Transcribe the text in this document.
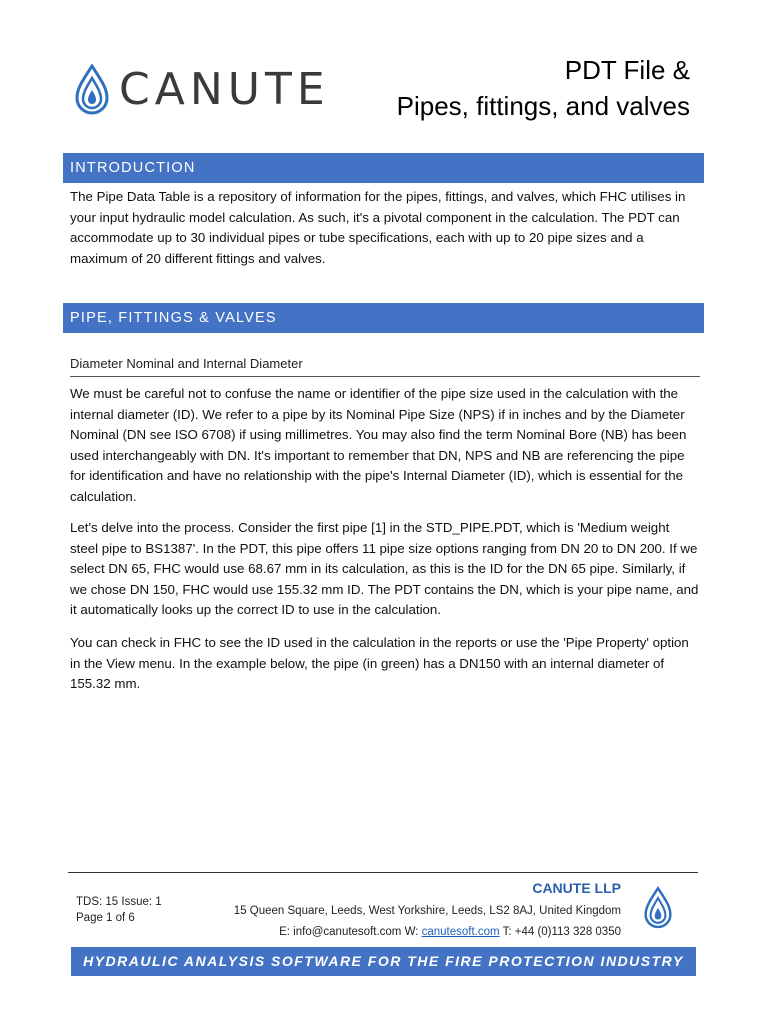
CANUTE	PDT File &
Pipes, fittings, and valves
INTRODUCTION
The Pipe Data Table is a repository of information for the pipes, fittings, and valves, which FHC utilises in your input hydraulic model calculation. As such, it's a pivotal component in the calculation. The PDT can accommodate up to 30 individual pipes or tube specifications, each with up to 20 pipe sizes and a maximum of 20 different fittings and valves.
PIPE, FITTINGS & VALVES
Diameter Nominal and Internal Diameter
We must be careful not to confuse the name or identifier of the pipe size used in the calculation with the internal diameter (ID). We refer to a pipe by its Nominal Pipe Size (NPS) if in inches and by the Diameter Nominal (DN see ISO 6708) if using millimetres. You may also find the term Nominal Bore (NB) has been used interchangeably with DN. It's important to remember that DN, NPS and NB are referencing the pipe for identification and have no relationship with the pipe's Internal Diameter (ID), which is essential for the calculation.
Let's delve into the process. Consider the first pipe [1] in the STD_PIPE.PDT, which is 'Medium weight steel pipe to BS1387'. In the PDT, this pipe offers 11 pipe size options ranging from DN 20 to DN 200. If we select DN 65, FHC would use 68.67 mm in its calculation, as this is the ID for the DN 65 pipe. Similarly, if we chose DN 150, FHC would use 155.32 mm ID. The PDT contains the DN, which is your pipe name, and it automatically looks up the correct ID to use in the calculation.
You can check in FHC to see the ID used in the calculation in the reports or use the 'Pipe Property' option in the View menu. In the example below, the pipe (in green) has a DN150 with an internal diameter of 155.32 mm.
TDS: 15 Issue: 1
Page 1 of 6
CANUTE LLP
15 Queen Square, Leeds, West Yorkshire, Leeds, LS2 8AJ, United Kingdom
E: info@canutesoft.com W: canutesoft.com T: +44 (0)113 328 0350
HYDRAULIC ANALYSIS SOFTWARE FOR THE FIRE PROTECTION INDUSTRY
